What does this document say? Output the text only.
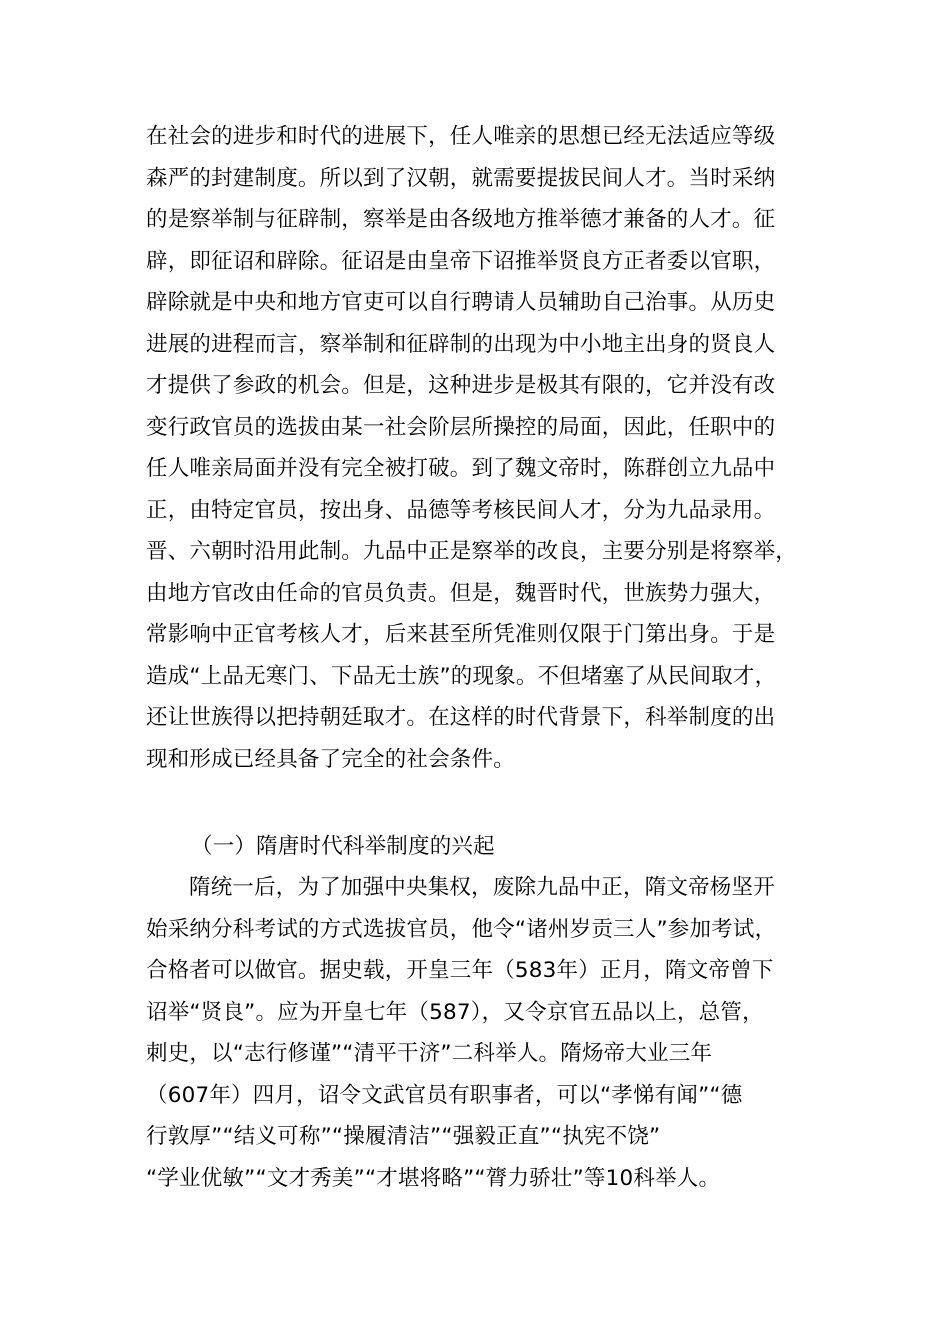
在社会的进步和时代的进展下，任人唯亲的思想已经无法适应等级
森严的封建制度。所以到了汉朝，就需要提拔民间人才。当时采纳
的是察举制与征辟制，察举是由各级地方推举德才兼备的人才。征
辟，即征诏和辟除。征诏是由皇帝下诏推举贤良方正者委以官职，
辟除就是中央和地方官吏可以自行聘请人员辅助自己治事。从历史
进展的进程而言，察举制和征辟制的出现为中小地主出身的贤良人
才提供了参政的机会。但是，这种进步是极其有限的，它并没有改
变行政官员的选拔由某一社会阶层所操控的局面，因此，任职中的
任人唯亲局面并没有完全被打破。到了魏文帝时，陈群创立九品中
正，由特定官员，按出身、品德等考核民间人才，分为九品录用。
晋、六朝时沿用此制。九品中正是察举的改良，主要分别是将察举，
由地方官改由任命的官员负责。但是，魏晋时代，世族势力强大，
常影响中正官考核人才，后来甚至所凭准则仅限于门第出身。于是
造成“上品无寒门、下品无士族”的现象。不但堵塞了从民间取才，
还让世族得以把持朝廷取才。在这样的时代背景下，科举制度的出
现和形成已经具备了完全的社会条件。
（一）隋唐时代科举制度的兴起
隋统一后，为了加强中央集权，废除九品中正，隋文帝杨坚开
始采纳分科考试的方式选拔官员，他令“诸州岁贡三人”参加考试，
合格者可以做官。据史载，开皇三年（583年）正月，隋文帝曾下
诏举“贤良”。应为开皇七年（587），又令京官五品以上，总管，
刺史，以“志行修谨”“清平干济”二科举人。隋炀帝大业三年
（607年）四月，诏令文武官员有职事者，可以“孝悌有闻”“德
行敦厚”“结义可称”“操履清洁”“强毅正直”“执宪不饶”
“学业优敏”“文才秀美”“才堪将略”“膂力骄壮”等10科举人。
